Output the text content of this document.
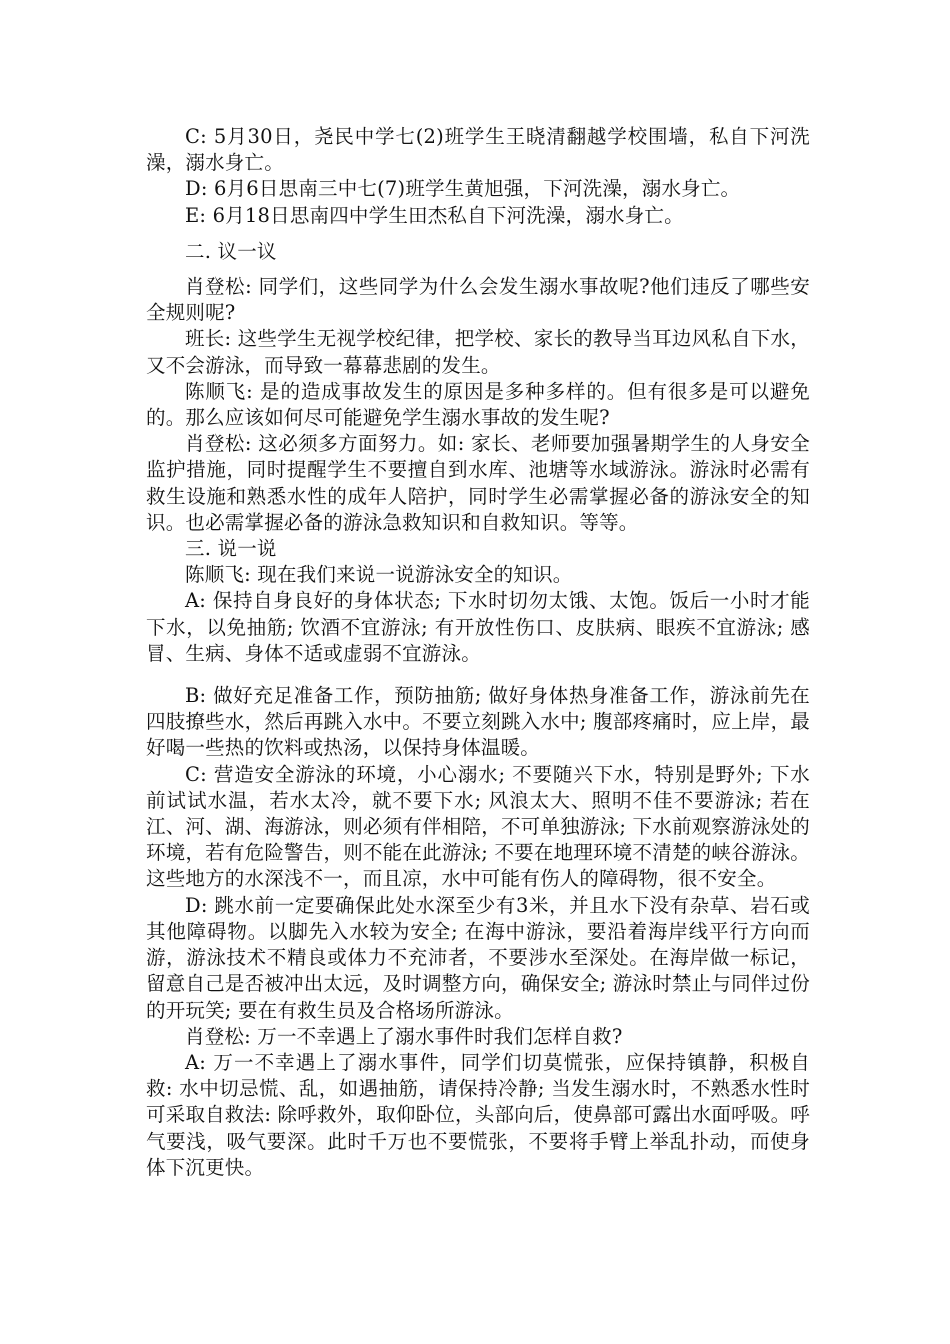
C: 5月30日，尧民中学七(2)班学生王晓清翻越学校围墙，私自下河洗澡，溺水身亡。

D: 6月6日思南三中七(7)班学生黄旭强，下河洗澡，溺水身亡。

E: 6月18日思南四中学生田杰私自下河洗澡，溺水身亡。

二. 议一议

肖登松: 同学们，这些同学为什么会发生溺水事故呢?他们违反了哪些安全规则呢?

班长: 这些学生无视学校纪律，把学校、家长的教导当耳边风私自下水，又不会游泳，而导致一幕幕悲剧的发生。

陈顺飞: 是的造成事故发生的原因是多种多样的。但有很多是可以避免的。那么应该如何尽可能避免学生溺水事故的发生呢?

肖登松: 这必须多方面努力。如: 家长、老师要加强暑期学生的人身安全监护措施，同时提醒学生不要擅自到水库、池塘等水域游泳。游泳时必需有救生设施和熟悉水性的成年人陪护，同时学生必需掌握必备的游泳安全的知识。也必需掌握必备的游泳急救知识和自救知识。等等。

三. 说一说

陈顺飞: 现在我们来说一说游泳安全的知识。

A: 保持自身良好的身体状态; 下水时切勿太饿、太饱。饭后一小时才能下水，以免抽筋; 饮酒不宜游泳; 有开放性伤口、皮肤病、眼疾不宜游泳; 感冒、生病、身体不适或虚弱不宜游泳。

B: 做好充足准备工作，预防抽筋; 做好身体热身准备工作，游泳前先在四肢撩些水，然后再跳入水中。不要立刻跳入水中; 腹部疼痛时，应上岸，最好喝一些热的饮料或热汤，以保持身体温暖。

C: 营造安全游泳的环境，小心溺水; 不要随兴下水，特别是野外; 下水前试试水温，若水太冷，就不要下水; 风浪太大、照明不佳不要游泳; 若在江、河、湖、海游泳，则必须有伴相陪，不可单独游泳; 下水前观察游泳处的环境，若有危险警告，则不能在此游泳; 不要在地理环境不清楚的峡谷游泳。这些地方的水深浅不一，而且凉，水中可能有伤人的障碍物，很不安全。

D: 跳水前一定要确保此处水深至少有3米，并且水下没有杂草、岩石或其他障碍物。以脚先入水较为安全; 在海中游泳，要沿着海岸线平行方向而游，游泳技术不精良或体力不充沛者，不要涉水至深处。在海岸做一标记，留意自己是否被冲出太远，及时调整方向，确保安全; 游泳时禁止与同伴过份的开玩笑; 要在有救生员及合格场所游泳。

肖登松: 万一不幸遇上了溺水事件时我们怎样自救?

A: 万一不幸遇上了溺水事件，同学们切莫慌张，应保持镇静，积极自救: 水中切忌慌、乱，如遇抽筋，请保持冷静; 当发生溺水时，不熟悉水性时可采取自救法: 除呼救外，取仰卧位，头部向后，使鼻部可露出水面呼吸。呼气要浅，吸气要深。此时千万也不要慌张，不要将手臂上举乱扑动，而使身体下沉更快。
